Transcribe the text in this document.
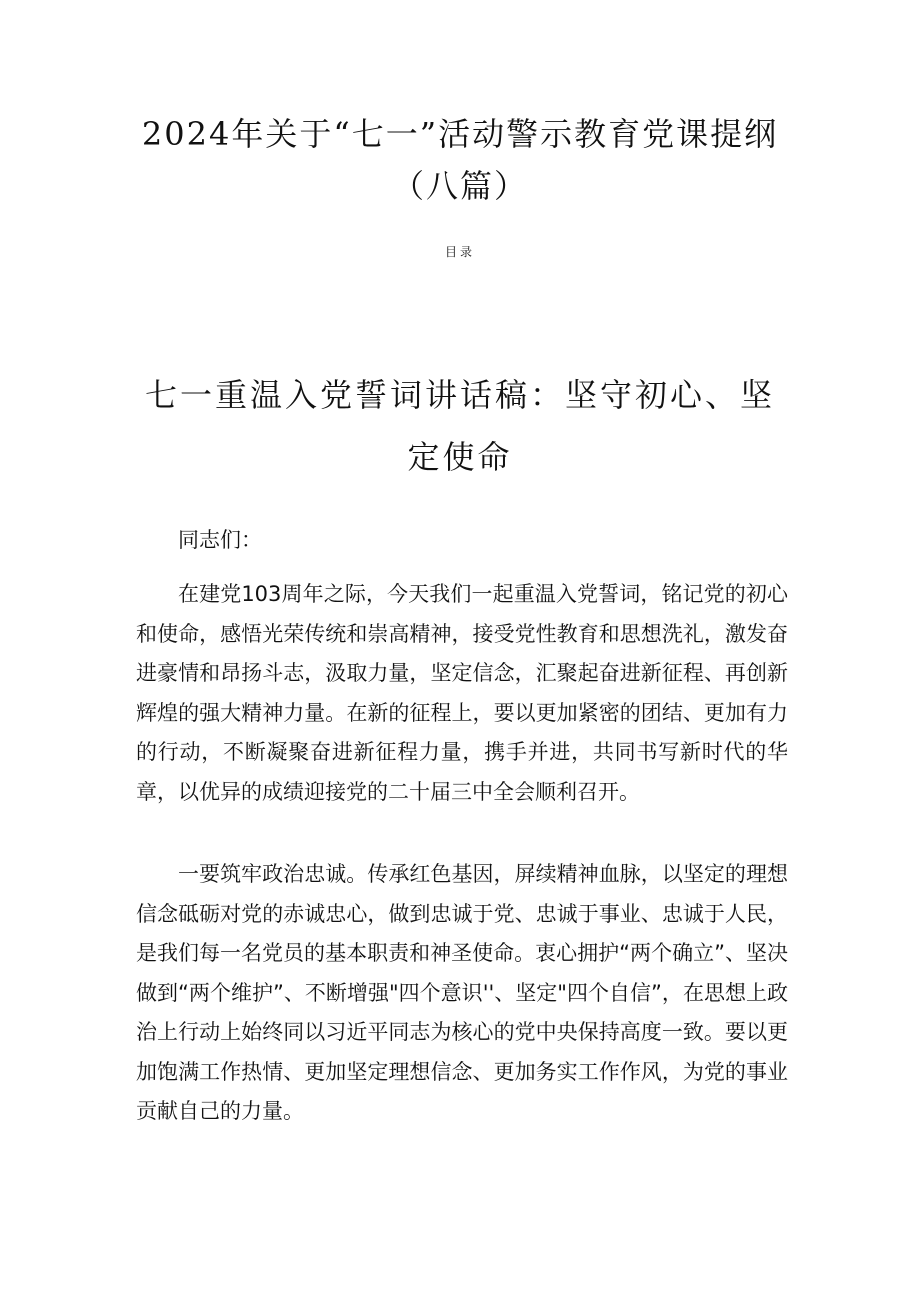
2024年关于“七一”活动警示教育党课提纲（八篇）
目录
七一重温入党誓词讲话稿：坚守初心、坚定使命

同志们：

在建党103周年之际，今天我们一起重温入党誓词，铭记党的初心和使命，感悟光荣传统和崇高精神，接受党性教育和思想洗礼，激发奋进豪情和昂扬斗志，汲取力量，坚定信念，汇聚起奋进新征程、再创新辉煌的强大精神力量。在新的征程上，要以更加紧密的团结、更加有力的行动，不断凝聚奋进新征程力量，携手并进，共同书写新时代的华章，以优异的成绩迎接党的二十届三中全会顺利召开。

一要筑牢政治忠诚。传承红色基因，屏续精神血脉，以坚定的理想信念砥砺对党的赤诚忠心，做到忠诚于党、忠诚于事业、忠诚于人民，是我们每一名党员的基本职责和神圣使命。衷心拥护“两个确立”、坚决做到“两个维护”、不断增强"四个意识''、坚定"四个自信”，在思想上政治上行动上始终同以习近平同志为核心的党中央保持高度一致。要以更加饱满工作热情、更加坚定理想信念、更加务实工作作风，为党的事业贡献自己的力量。
